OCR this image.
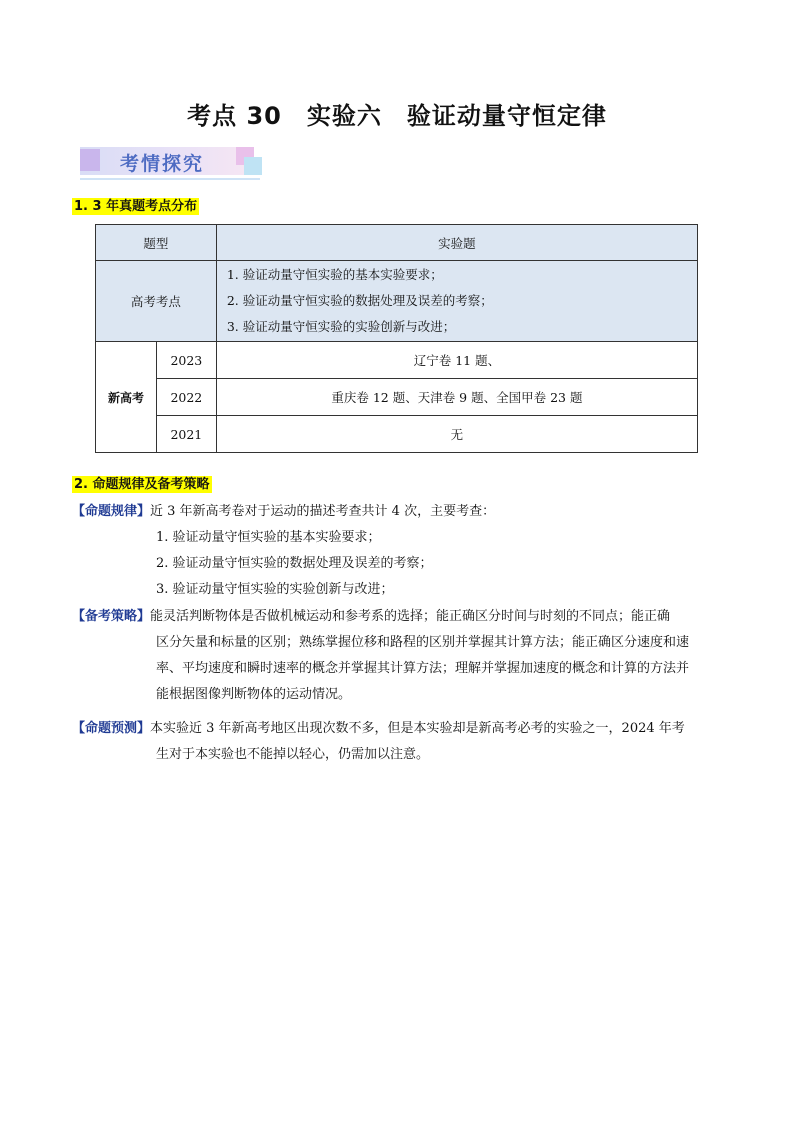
考点 30　实验六　验证动量守恒定律
考情探究
1. 3 年真题考点分布
题型		实验题
高考考点		1. 验证动量守恒实验的基本实验要求；
2. 验证动量守恒实验的数据处理及误差的考察；
3. 验证动量守恒实验的实验创新与改进；

新高考	2023	辽宁卷 11 题、
	2022	重庆卷 12 题、天津卷 9 题、全国甲卷 23 题
	2021	无
2. 命题规律及备考策略
【命题规律】近 3 年新高考卷对于运动的描述考查共计 4 次，主要考查：
1. 验证动量守恒实验的基本实验要求；
2. 验证动量守恒实验的数据处理及误差的考察；
3. 验证动量守恒实验的实验创新与改进；
【备考策略】能灵活判断物体是否做机械运动和参考系的选择；能正确区分时间与时刻的不同点；能正确
区分矢量和标量的区别；熟练掌握位移和路程的区别并掌握其计算方法；能正确区分速度和速
率、平均速度和瞬时速率的概念并掌握其计算方法；理解并掌握加速度的概念和计算的方法并
能根据图像判断物体的运动情况。
【命题预测】本实验近 3 年新高考地区出现次数不多，但是本实验却是新高考必考的实验之一，2024 年考
生对于本实验也不能掉以轻心，仍需加以注意。
